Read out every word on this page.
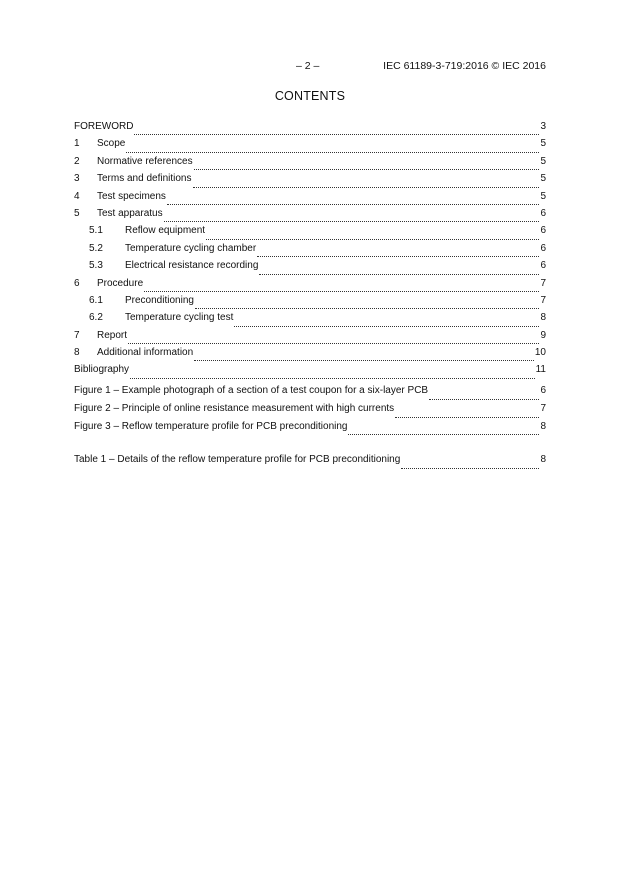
– 2 –	IEC 61189-3-719:2016 © IEC 2016
CONTENTS
FOREWORD	3
1	Scope	5
2	Normative references	5
3	Terms and definitions	5
4	Test specimens	5
5	Test apparatus	6
5.1	Reflow equipment	6
5.2	Temperature cycling chamber	6
5.3	Electrical resistance recording	6
6	Procedure	7
6.1	Preconditioning	7
6.2	Temperature cycling test	8
7	Report	9
8	Additional information	10
Bibliography	11
Figure 1 – Example photograph of a section of a test coupon for a six-layer PCB	6
Figure 2 – Principle of online resistance measurement with high currents	7
Figure 3 – Reflow temperature profile for PCB preconditioning	8
Table 1 – Details of the reflow temperature profile for PCB preconditioning	8
